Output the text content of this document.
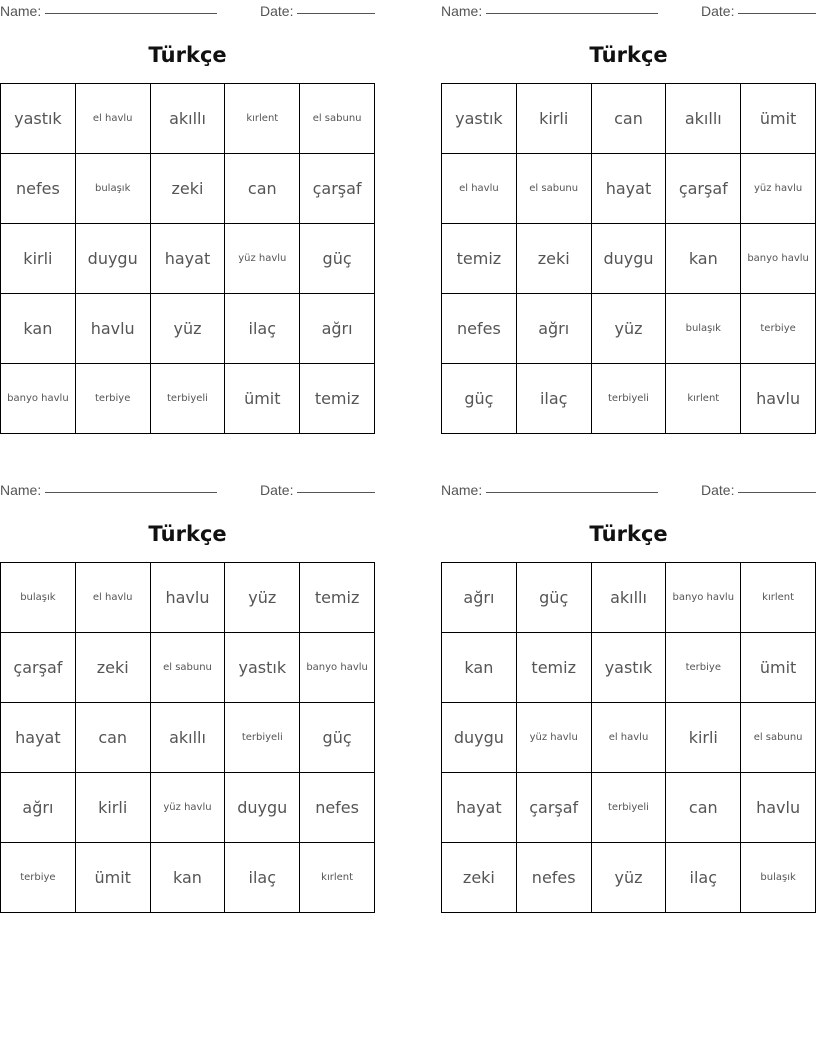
Name:	Date:
Türkçe
yastık	el havlu	akıllı	kırlent	el sabunu
nefes	bulaşık	zeki	can	çarşaf
kirli	duygu	hayat	yüz havlu	güç
kan	havlu	yüz	ilaç	ağrı
banyo havlu	terbiye	terbiyeli	ümit	temiz
Name:	Date:
Türkçe
yastık	kirli	can	akıllı	ümit
el havlu	el sabunu	hayat	çarşaf	yüz havlu
temiz	zeki	duygu	kan	banyo havlu
nefes	ağrı	yüz	bulaşık	terbiye
güç	ilaç	terbiyeli	kırlent	havlu
Name:	Date:
Türkçe
bulaşık	el havlu	havlu	yüz	temiz
çarşaf	zeki	el sabunu	yastık	banyo havlu
hayat	can	akıllı	terbiyeli	güç
ağrı	kirli	yüz havlu	duygu	nefes
terbiye	ümit	kan	ilaç	kırlent
Name:	Date:
Türkçe
ağrı	güç	akıllı	banyo havlu	kırlent
kan	temiz	yastık	terbiye	ümit
duygu	yüz havlu	el havlu	kirli	el sabunu
hayat	çarşaf	terbiyeli	can	havlu
zeki	nefes	yüz	ilaç	bulaşık
